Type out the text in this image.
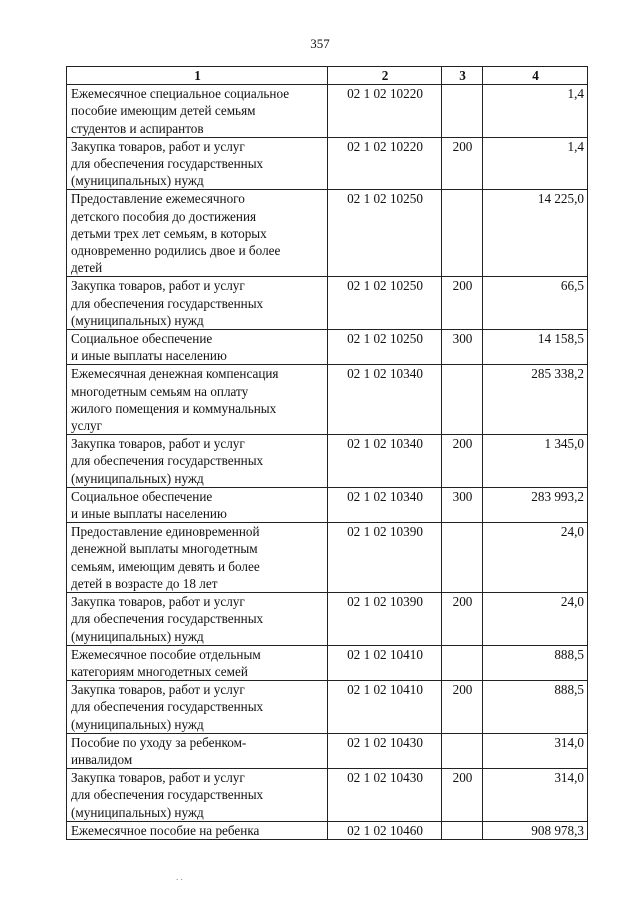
357
1	2	3	4

Ежемесячное специальное социальное
пособие имеющим детей семьям
студентов и аспирантов	02 1 02 10220		1,4

Закупка товаров, работ и услуг
для обеспечения государственных
(муниципальных) нужд	02 1 02 10220	200	1,4

Предоставление ежемесячного
детского пособия до достижения
детьми трех лет семьям, в которых
одновременно родились двое и более
детей	02 1 02 10250		14 225,0

Закупка товаров, работ и услуг
для обеспечения государственных
(муниципальных) нужд	02 1 02 10250	200	66,5

Социальное обеспечение
и иные выплаты населению	02 1 02 10250	300	14 158,5

Ежемесячная денежная компенсация
многодетным семьям на оплату
жилого помещения и коммунальных
услуг	02 1 02 10340		285 338,2

Закупка товаров, работ и услуг
для обеспечения государственных
(муниципальных) нужд	02 1 02 10340	200	1 345,0

Социальное обеспечение
и иные выплаты населению	02 1 02 10340	300	283 993,2

Предоставление единовременной
денежной выплаты многодетным
семьям, имеющим девять и более
детей в возрасте до 18 лет	02 1 02 10390		24,0

Закупка товаров, работ и услуг
для обеспечения государственных
(муниципальных) нужд	02 1 02 10390	200	24,0

Ежемесячное пособие отдельным
категориям многодетных семей	02 1 02 10410		888,5

Закупка товаров, работ и услуг
для обеспечения государственных
(муниципальных) нужд	02 1 02 10410	200	888,5

Пособие по уходу за ребенком-
инвалидом	02 1 02 10430		314,0

Закупка товаров, работ и услуг
для обеспечения государственных
(муниципальных) нужд	02 1 02 10430	200	314,0

Ежемесячное пособие на ребенка	02 1 02 10460		908 978,3
. .
